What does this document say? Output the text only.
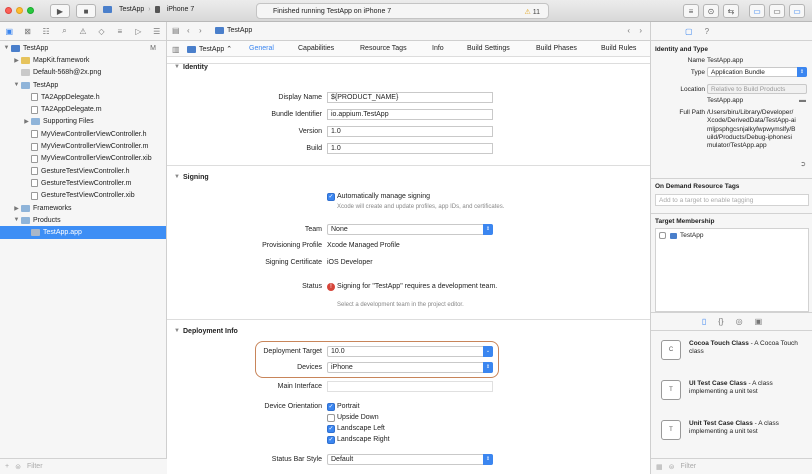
▶	■	TestApp › iPhone 7	Finished running TestApp on iPhone 7	⚠ 11	≡ ⊙ ⇆ ▭ ▭ ▭
▣	⊠	☷	⌕	⚠	◇	≡	▷	☰
▼ TestApp	M
▶	MapKit.framework
Default-568h@2x.png
▼ TestApp
TA2AppDelegate.h
TA2AppDelegate.m
▶	Supporting Files
MyViewControllerViewController.h
MyViewControllerViewController.m
MyViewControllerViewController.xib
GestureTestViewController.h
GestureTestViewController.m
GestureTestViewController.xib
▶	Frameworks
▼ Products
TestApp.app
+ ⊜ Filter
▤ ‹ ›	TestApp	‹ ›
▥	TestApp ⌃ General	Capabilities	Resource Tags	Info	Build Settings	Build Phases	Build Rules
▼ Identity
Display Name	${PRODUCT_NAME}
Bundle Identifier	io.appium.TestApp
Version	1.0
Build	1.0
▼ Signing
✓ Automatically manage signing
Xcode will create and update profiles, app IDs, and certificates.
Team	None	⇕
Provisioning Profile Xcode Managed Profile
Signing Certificate iOS Developer
Status	! Signing for "TestApp" requires a development team.
Select a development team in the project editor.
▼ Deployment Info
Deployment Target	10.0	⌄
Devices	iPhone	⇕
Main Interface
Device Orientation ✓ Portrait
Upside Down
✓ Landscape Left
✓ Landscape Right
Status Bar Style	Default	⇕
▢ ?
Identity and Type
Name TestApp.app
Type Application Bundle	⇕
Location Relative to Build Products
TestApp.app	▬
Full Path /Users/biru/Library/Developer/Xcode/DerivedData/TestApp-aimljpsphgcsnjalkyfwpwymslfy/Build/Products/Debug-iphonesimulator/TestApp.app
➲
On Demand Resource Tags
Add to a target to enable tagging
Target Membership
TestApp
▯ {} ◎ ▣
C
Cocoa Touch Class - A Cocoa Touch class
T
UI Test Case Class - A class implementing a unit test
T
Unit Test Case Class - A class implementing a unit test
▦ ⊜ Filter
